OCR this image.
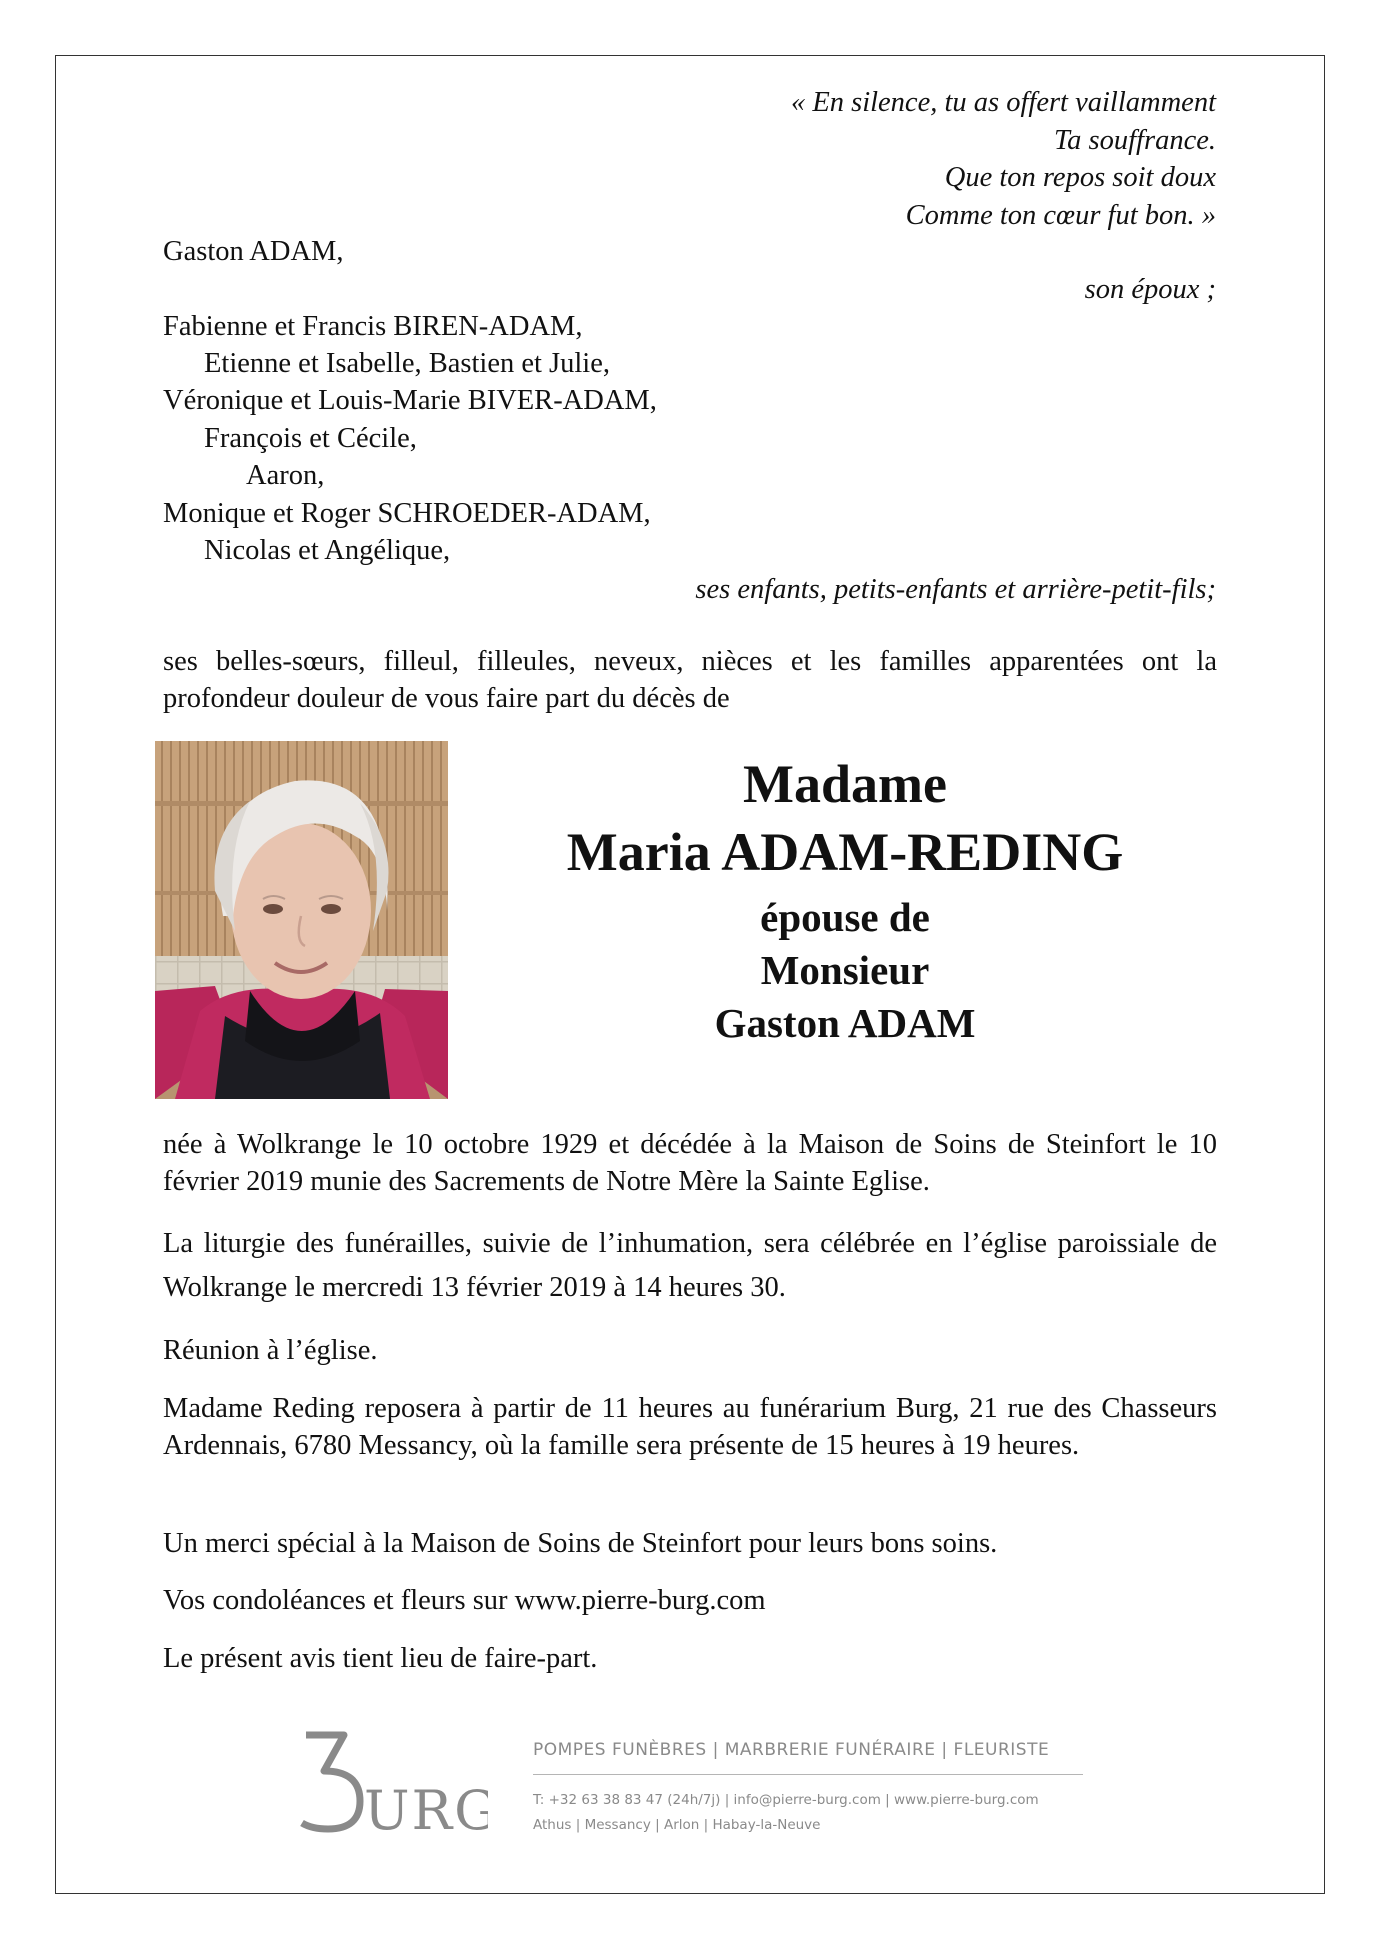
« En silence, tu as offert vaillamment
Ta souffrance.
Que ton repos soit doux
Comme ton cœur fut bon. »
Gaston ADAM,
son époux ;
Fabienne et Francis BIREN-ADAM,
Etienne et Isabelle, Bastien et Julie,
Véronique et Louis-Marie BIVER-ADAM,
François et Cécile,
Aaron,
Monique et Roger SCHROEDER-ADAM,
Nicolas et Angélique,
ses enfants, petits-enfants et arrière-petit-fils;
ses belles-sœurs, filleul, filleules, neveux, nièces et les familles apparentées ont la profondeur douleur de vous faire part du décès de
Madame
Maria ADAM-REDING
épouse de
Monsieur
Gaston ADAM
née à Wolkrange le 10 octobre 1929 et décédée à la Maison de Soins de Steinfort le 10 février 2019 munie des Sacrements de Notre Mère la Sainte Eglise.
La liturgie des funérailles, suivie de l’inhumation, sera célébrée en l’église paroissiale de Wolkrange le mercredi 13 février 2019 à 14 heures 30.
Réunion à l’église.
Madame Reding reposera à partir de 11 heures au funérarium Burg, 21 rue des Chasseurs Ardennais, 6780 Messancy, où la famille sera présente de 15 heures à 19 heures.
Un merci spécial à la Maison de Soins de Steinfort pour leurs bons soins.
Vos condoléances et fleurs sur www.pierre-burg.com
Le présent avis tient lieu de faire-part.
URG
POMPES FUNÈBRES | MARBRERIE FUNÉRAIRE | FLEURISTE
T: +32 63 38 83 47 (24h/7j) | info@pierre-burg.com | www.pierre-burg.com
Athus | Messancy | Arlon | Habay-la-Neuve
